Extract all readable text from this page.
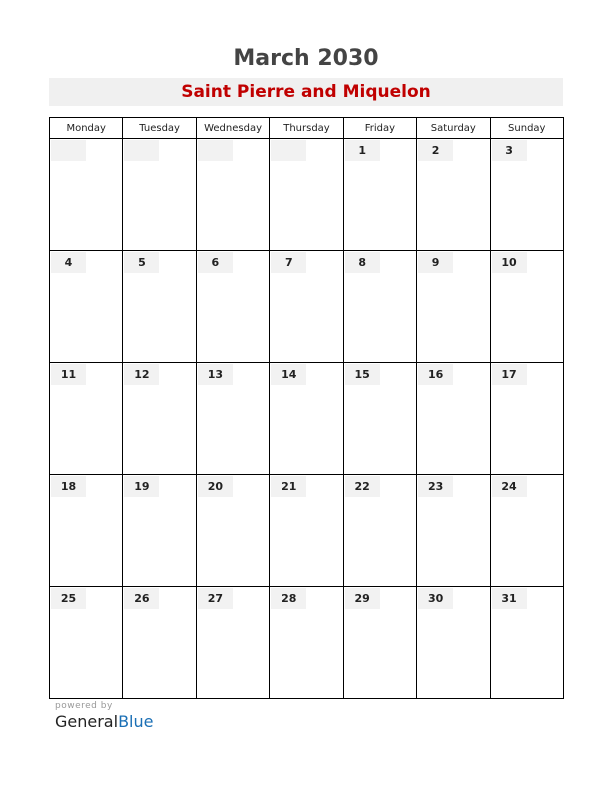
March 2030
Saint Pierre and Miquelon
Monday	Tuesday	Wednesday	Thursday	Friday	Saturday	Sunday

				1	2	3

4	5	6	7	8	9	10

11	12	13	14	15	16	17

18	19	20	21	22	23	24

25	26	27	28	29	30	31
powered by
GeneralBlue
